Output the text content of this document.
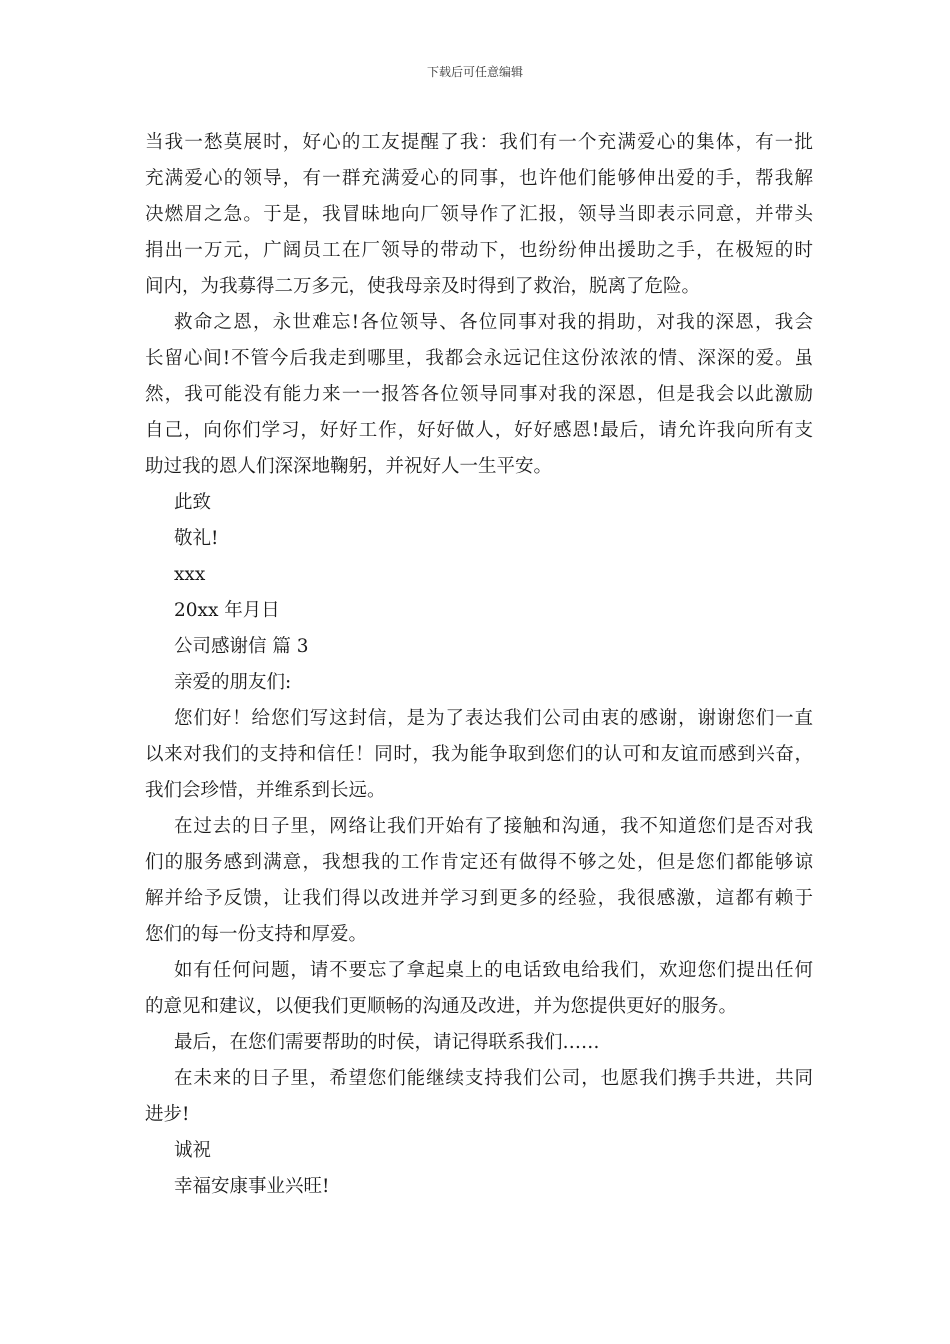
下载后可任意编辑
当我一愁莫展时，好心的工友提醒了我：我们有一个充满爱心的集体，有一批
充满爱心的领导，有一群充满爱心的同事，也许他们能够伸出爱的手，帮我解
决燃眉之急。于是，我冒昧地向厂领导作了汇报，领导当即表示同意，并带头
捐出一万元，广阔员工在厂领导的带动下，也纷纷伸出援助之手，在极短的时
间内，为我募得二万多元，使我母亲及时得到了救治，脱离了危险。
救命之恩，永世难忘!各位领导、各位同事对我的捐助，对我的深恩，我会
长留心间!不管今后我走到哪里，我都会永远记住这份浓浓的情、深深的爱。虽
然，我可能没有能力来一一报答各位领导同事对我的深恩，但是我会以此激励
自己，向你们学习，好好工作，好好做人，好好感恩!最后，请允许我向所有支
助过我的恩人们深深地鞠躬，并祝好人一生平安。
此致
敬礼!
xxx
20xx 年月日
公司感谢信 篇 3
亲爱的朋友们:
您们好！给您们写这封信，是为了表达我们公司由衷的感谢，谢谢您们一直
以来对我们的支持和信任！同时，我为能争取到您们的认可和友谊而感到兴奋，
我们会珍惜，并维系到长远。
在过去的日子里，网络让我们开始有了接触和沟通，我不知道您们是否对我
们的服务感到满意，我想我的工作肯定还有做得不够之处，但是您们都能够谅
解并给予反馈，让我们得以改进并学习到更多的经验，我很感激，這都有赖于
您们的每一份支持和厚爱。
如有任何问题，请不要忘了拿起桌上的电话致电给我们，欢迎您们提出任何
的意见和建议，以便我们更顺畅的沟通及改进，并为您提供更好的服务。
最后，在您们需要帮助的时侯，请记得联系我们……
在未来的日子里，希望您们能继续支持我们公司，也愿我们携手共进，共同
进步!
诚祝
幸福安康事业兴旺!
